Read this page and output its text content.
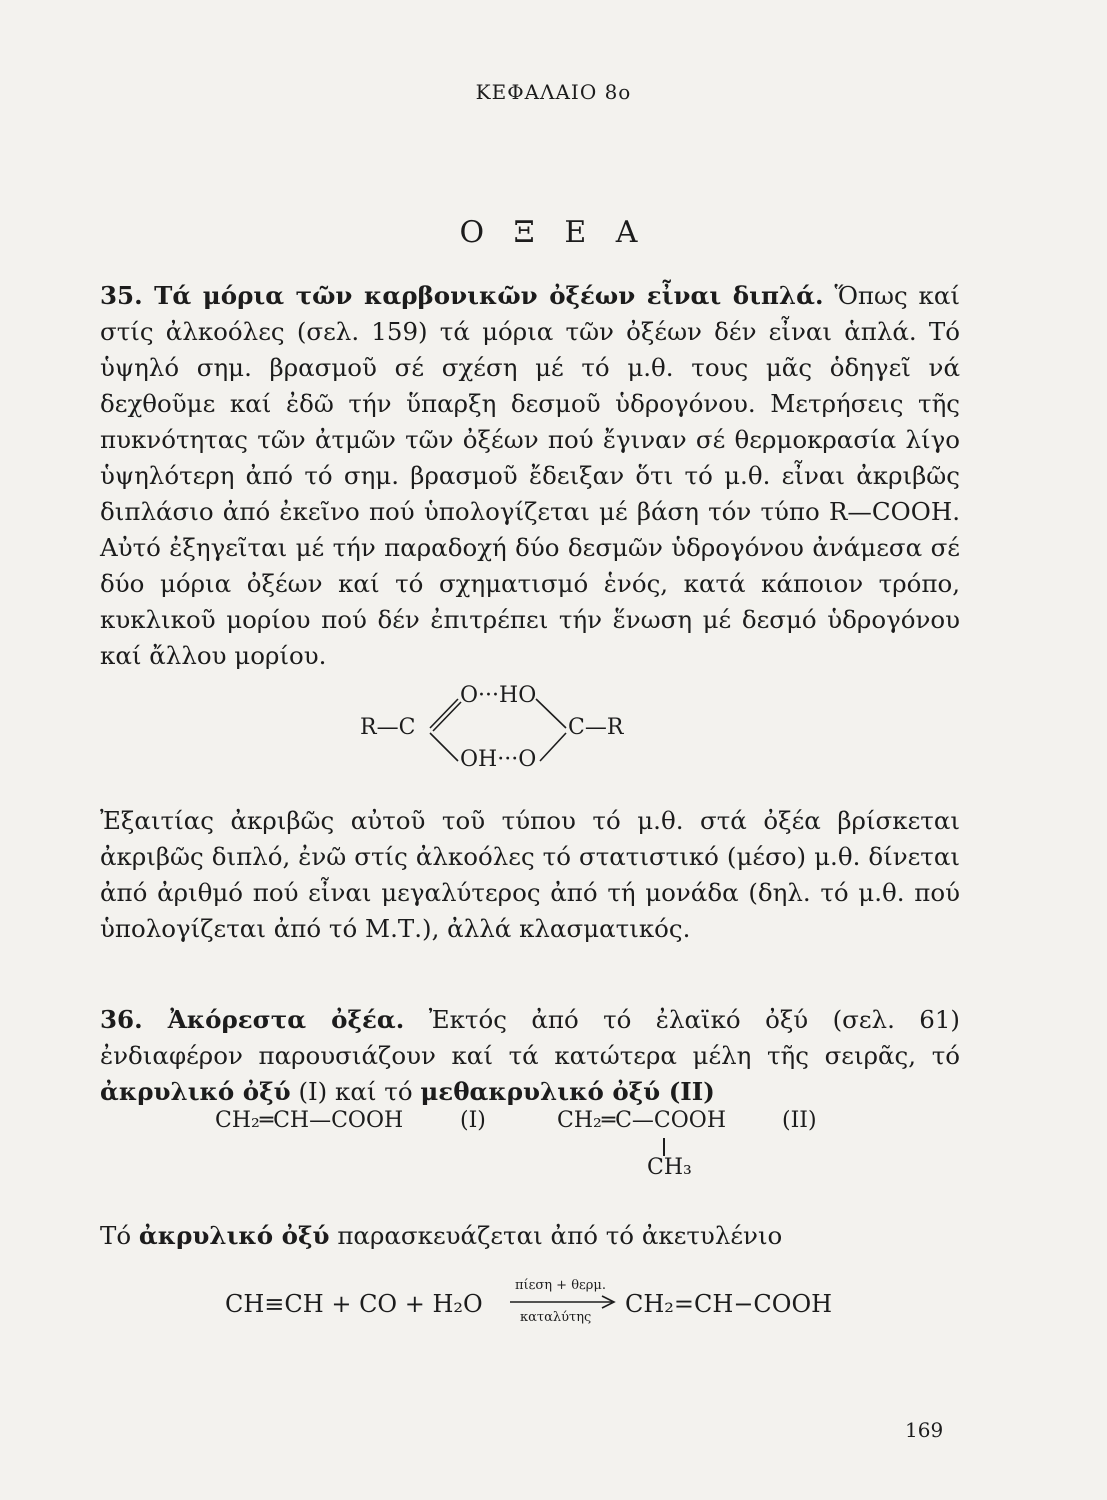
ΚΕΦΑΛΑΙΟ 8ο
Ο Ξ Ε Α
35. Τά μόρια τῶν καρβονικῶν ὀξέων εἶναι διπλά. Ὅπως καί στίς ἀλκοόλες (σελ. 159) τά μόρια τῶν ὀξέων δέν εἶναι ἁπλά. Τό ὑψηλό σημ. βρασμοῦ σέ σχέση μέ τό μ.θ. τους μᾶς ὁδηγεῖ νά δεχθοῦμε καί ἐδῶ τήν ὕπαρξη δεσμοῦ ὑδρογόνου. Μετρήσεις τῆς πυκνότητας τῶν ἀτμῶν τῶν ὀξέων πού ἔγιναν σέ θερμοκρασία λίγο ὑψηλότερη ἀπό τό σημ. βρασμοῦ ἔδειξαν ὅτι τό μ.θ. εἶναι ἀκριβῶς διπλάσιο ἀπό ἐκεῖνο πού ὑπολογίζεται μέ βάση τόν τύπο R—COOH. Αὐτό ἐξηγεῖται μέ τήν παραδοχή δύο δεσμῶν ὑδρογόνου ἀνάμεσα σέ δύο μόρια ὀξέων καί τό σχηματισμό ἑνός, κατά κάποιον τρόπο, κυκλικοῦ μορίου πού δέν ἐπιτρέπει τήν ἕνωση μέ δεσμό ὑδρογόνου καί ἄλλου μορίου.
R—C
O···HO
OH···O
C—R
Ἐξαιτίας ἀκριβῶς αὐτοῦ τοῦ τύπου τό μ.θ. στά ὀξέα βρίσκεται ἀκριβῶς διπλό, ἐνῶ στίς ἀλκοόλες τό στατιστικό (μέσο) μ.θ. δίνεται ἀπό ἀριθμό πού εἶναι μεγαλύτερος ἀπό τή μονάδα (δηλ. τό μ.θ. πού ὑπολογίζεται ἀπό τό Μ.Τ.), ἀλλά κλασματικός.
36. Ἀκόρεστα ὀξέα. Ἐκτός ἀπό τό ἐλαϊκό ὀξύ (σελ. 61) ἐνδιαφέρον παρουσιάζουν καί τά κατώτερα μέλη τῆς σειρᾶς, τό ἀκρυλικό ὀξύ (Ι) καί τό μεθακρυλικό ὀξύ (ΙΙ)
CH₂═CH—COOH	(Ι)	CH₂═C—COOH	(ΙΙ)
CH₃
Τό ἀκρυλικό ὀξύ παρασκευάζεται ἀπό τό ἀκετυλένιο
CH≡CH + CO + H₂O
πίεση + θερμ.
καταλύτης CH₂=CH−COOH
169
